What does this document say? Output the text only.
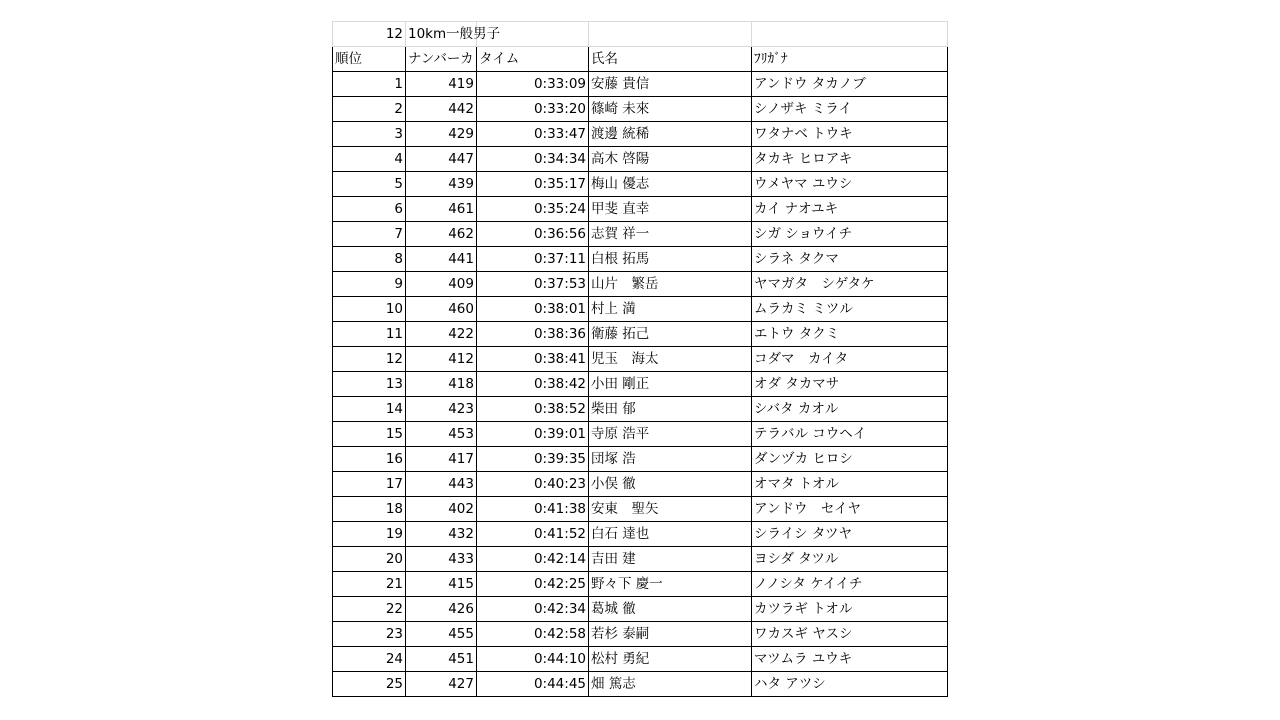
12	10km一般男子			
順位	ナンバーカ	タイム	氏名	ﾌﾘｶﾞﾅ
1	419	0:33:09	安藤 貴信	アンドウ タカノブ
2	442	0:33:20	篠崎 未來	シノザキ ミライ
3	429	0:33:47	渡邊 統稀	ワタナベ トウキ
4	447	0:34:34	高木 啓陽	タカキ ヒロアキ
5	439	0:35:17	梅山 優志	ウメヤマ ユウシ
6	461	0:35:24	甲斐 直幸	カイ ナオユキ
7	462	0:36:56	志賀 祥一	シガ ショウイチ
8	441	0:37:11	白根 拓馬	シラネ タクマ
9	409	0:37:53	山片　繁岳	ヤマガタ　シゲタケ
10	460	0:38:01	村上 満	ムラカミ ミツル
11	422	0:38:36	衛藤 拓己	エトウ タクミ
12	412	0:38:41	児玉　海太	コダマ　カイタ
13	418	0:38:42	小田 剛正	オダ タカマサ
14	423	0:38:52	柴田 郁	シバタ カオル
15	453	0:39:01	寺原 浩平	テラバル コウヘイ
16	417	0:39:35	団塚 浩	ダンヅカ ヒロシ
17	443	0:40:23	小俣 徹	オマタ トオル
18	402	0:41:38	安東　聖矢	アンドウ　セイヤ
19	432	0:41:52	白石 達也	シライシ タツヤ
20	433	0:42:14	吉田 建	ヨシダ タツル
21	415	0:42:25	野々下 慶一	ノノシタ ケイイチ
22	426	0:42:34	葛城 徹	カツラギ トオル
23	455	0:42:58	若杉 泰嗣	ワカスギ ヤスシ
24	451	0:44:10	松村 勇紀	マツムラ ユウキ
25	427	0:44:45	畑 篤志	ハタ アツシ
